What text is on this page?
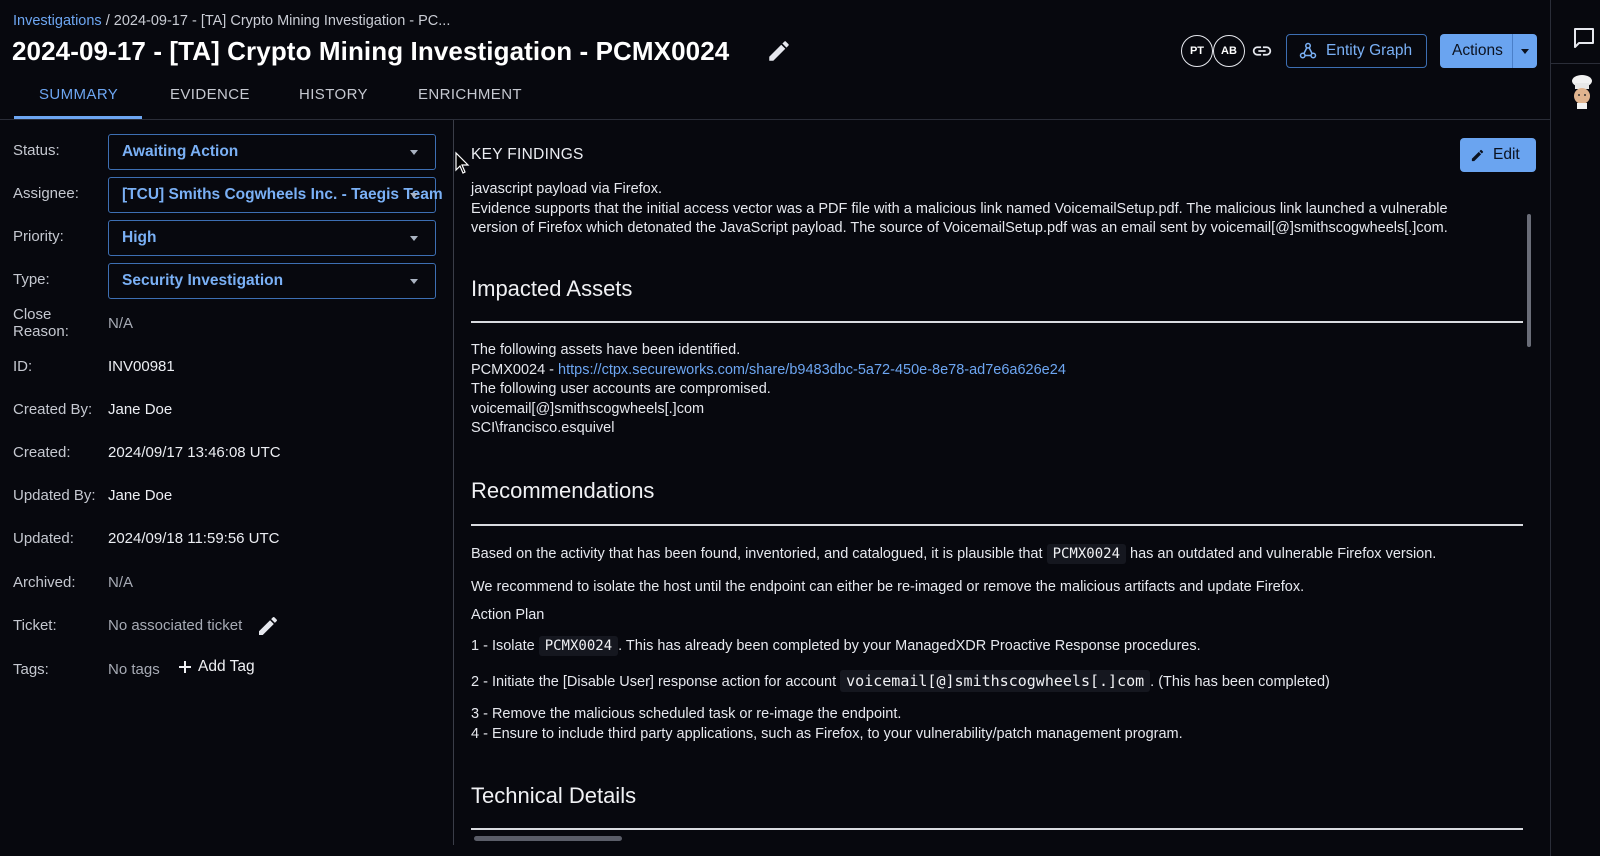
Investigations / 2024-09-17 - [TA] Crypto Mining Investigation - PC...
2024-09-17 - [TA] Crypto Mining Investigation - PCMX0024	PT	AB	Entity Graph	Actions
SUMMARY	EVIDENCE	HISTORY	ENRICHMENT
Status:	Awaiting Action
Assignee:	[TCU] Smiths Cogwheels Inc. - Taegis Team
Priority:	High
Type:	Security Investigation
Close
Reason:	N/A
ID:	INV00981
Created By: Jane Doe
Created: 2024/09/17 13:46:08 UTC
Updated By: Jane Doe
Updated: 2024/09/18 11:59:56 UTC
Archived: N/A
Ticket:	No associated ticket
Tags:	No tags Add Tag
KEY FINDINGS	Edit
javascript payload via Firefox.
Evidence supports that the initial access vector was a PDF file with a malicious link named VoicemailSetup.pdf. The malicious link launched a vulnerable
version of Firefox which detonated the JavaScript payload. The source of VoicemailSetup.pdf was an email sent by voicemail[@]smithscogwheels[.]com.
Impacted Assets
The following assets have been identified.
PCMX0024 - https://ctpx.secureworks.com/share/b9483dbc-5a72-450e-8e78-ad7e6a626e24
The following user accounts are compromised.
voicemail[@]smithscogwheels[.]com
SCI\francisco.esquivel
Recommendations
Based on the activity that has been found, inventoried, and catalogued, it is plausible that PCMX0024 has an outdated and vulnerable Firefox version.
We recommend to isolate the host until the endpoint can either be re-imaged or remove the malicious artifacts and update Firefox.
Action Plan
1 - Isolate PCMX0024 . This has already been completed by your ManagedXDR Proactive Response procedures.
2 - Initiate the [Disable User] response action for account voicemail[@]smithscogwheels[.]com . (This has been completed)
3 - Remove the malicious scheduled task or re-image the endpoint.
4 - Ensure to include third party applications, such as Firefox, to your vulnerability/patch management program.
Technical Details
